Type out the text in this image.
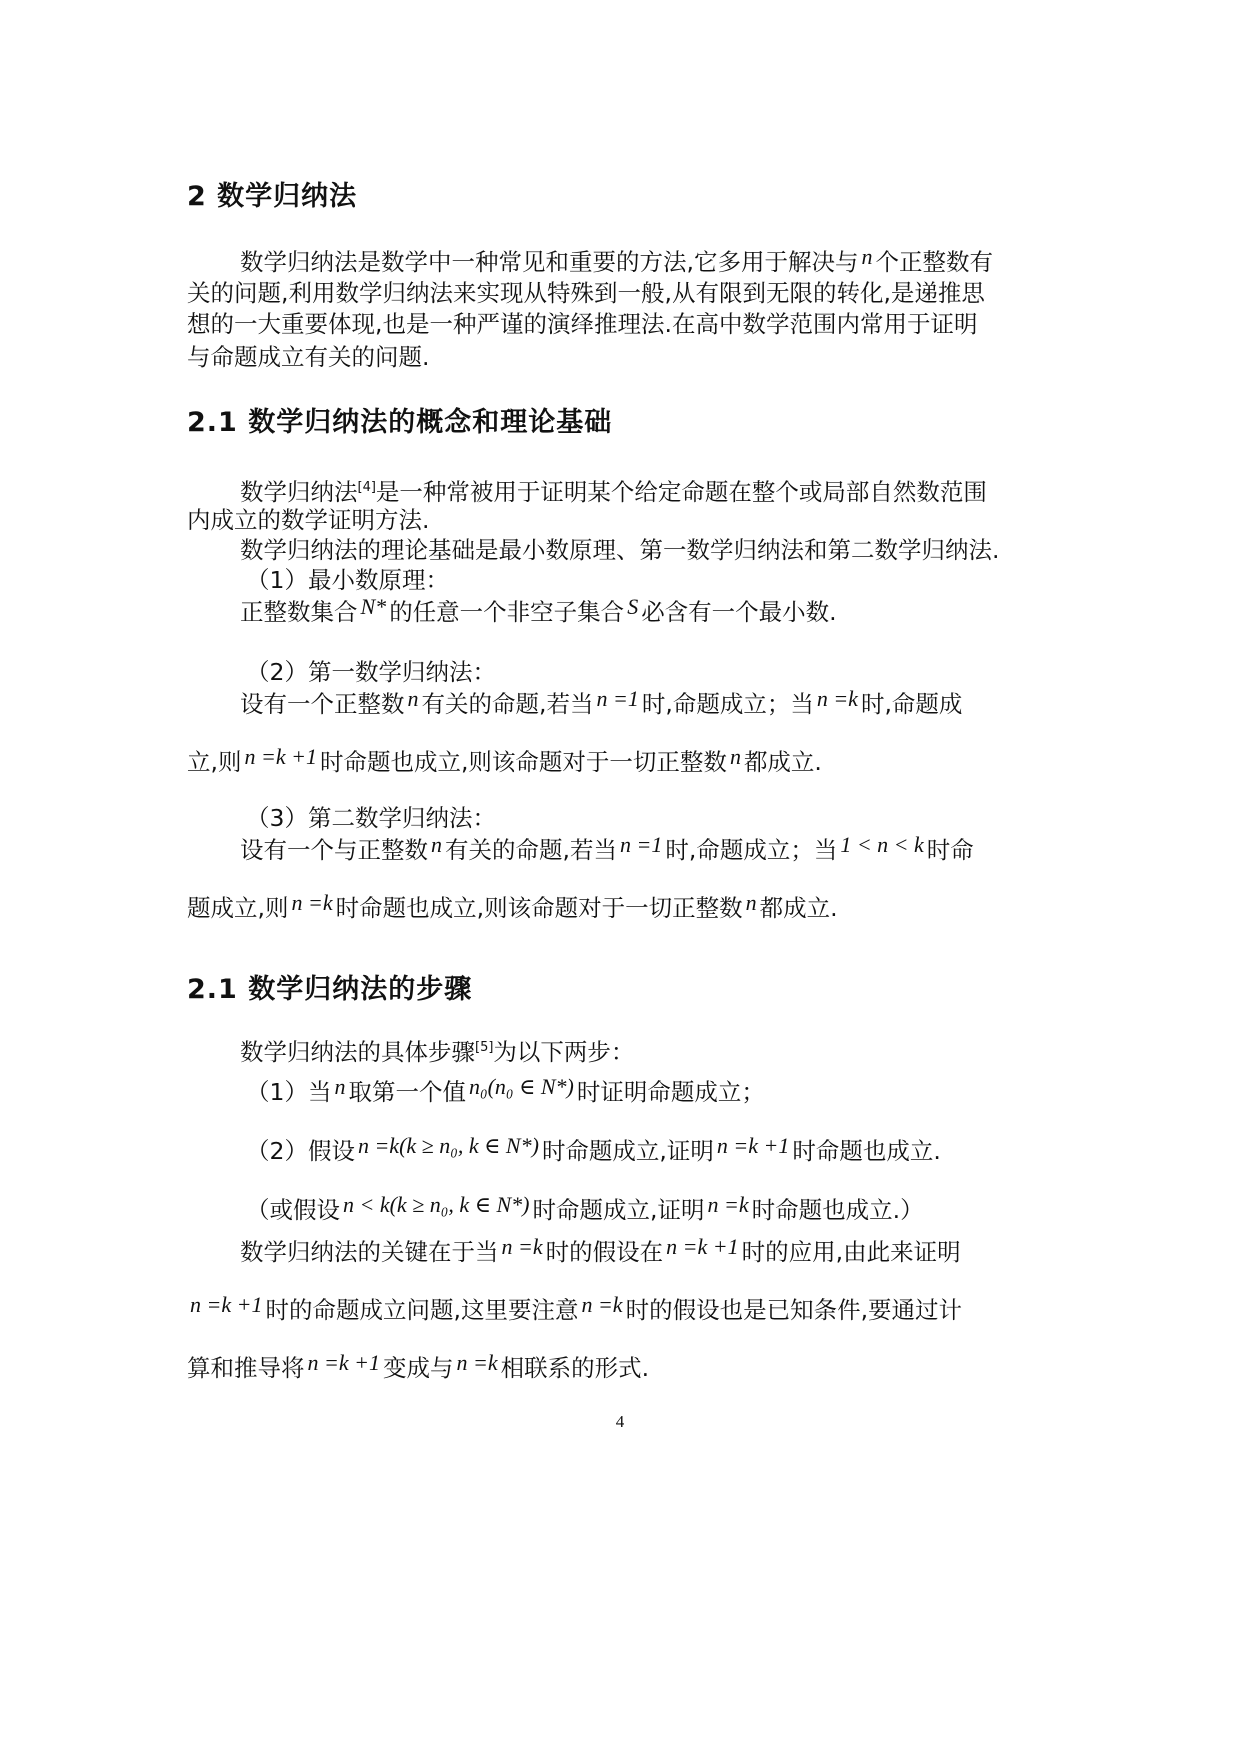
4
2 数学归纳法
数学归纳法是数学中一种常见和重要的方法,它多用于解决与 n 个正整数有
关的问题,利用数学归纳法来实现从特殊到一般,从有限到无限的转化,是递推思
想的一大重要体现,也是一种严谨的演绎推理法.在高中数学范围内常用于证明
与命题成立有关的问题.
2.1 数学归纳法的概念和理论基础
数学归纳法[4]是一种常被用于证明某个给定命题在整个或局部自然数范围
内成立的数学证明方法.
数学归纳法的理论基础是最小数原理、第一数学归纳法和第二数学归纳法.
（1）最小数原理：
正整数集合 N* 的任意一个非空子集合 S 必含有一个最小数.
（2）第一数学归纳法：
设有一个正整数 n 有关的命题,若当 n =1 时,命题成立；当 n =k 时,命题成
立,则 n =k +1 时命题也成立,则该命题对于一切正整数 n 都成立.
（3）第二数学归纳法：
设有一个与正整数 n 有关的命题,若当 n =1 时,命题成立；当 1 < n < k 时命
题成立,则 n =k 时命题也成立,则该命题对于一切正整数 n 都成立.
2.1 数学归纳法的步骤
数学归纳法的具体步骤[5]为以下两步：
（1）当 n 取第一个值 n₀(n₀ ∈ N*) 时证明命题成立；
（2）假设 n =k(k ≥ n₀, k ∈ N*) 时命题成立,证明 n =k +1 时命题也成立.
（或假设 n < k(k ≥ n₀, k ∈ N*) 时命题成立,证明 n =k 时命题也成立.）
数学归纳法的关键在于当 n =k 时的假设在 n =k +1 时的应用,由此来证明
n =k +1 时的命题成立问题,这里要注意 n =k 时的假设也是已知条件,要通过计
算和推导将 n =k +1 变成与 n =k 相联系的形式.
